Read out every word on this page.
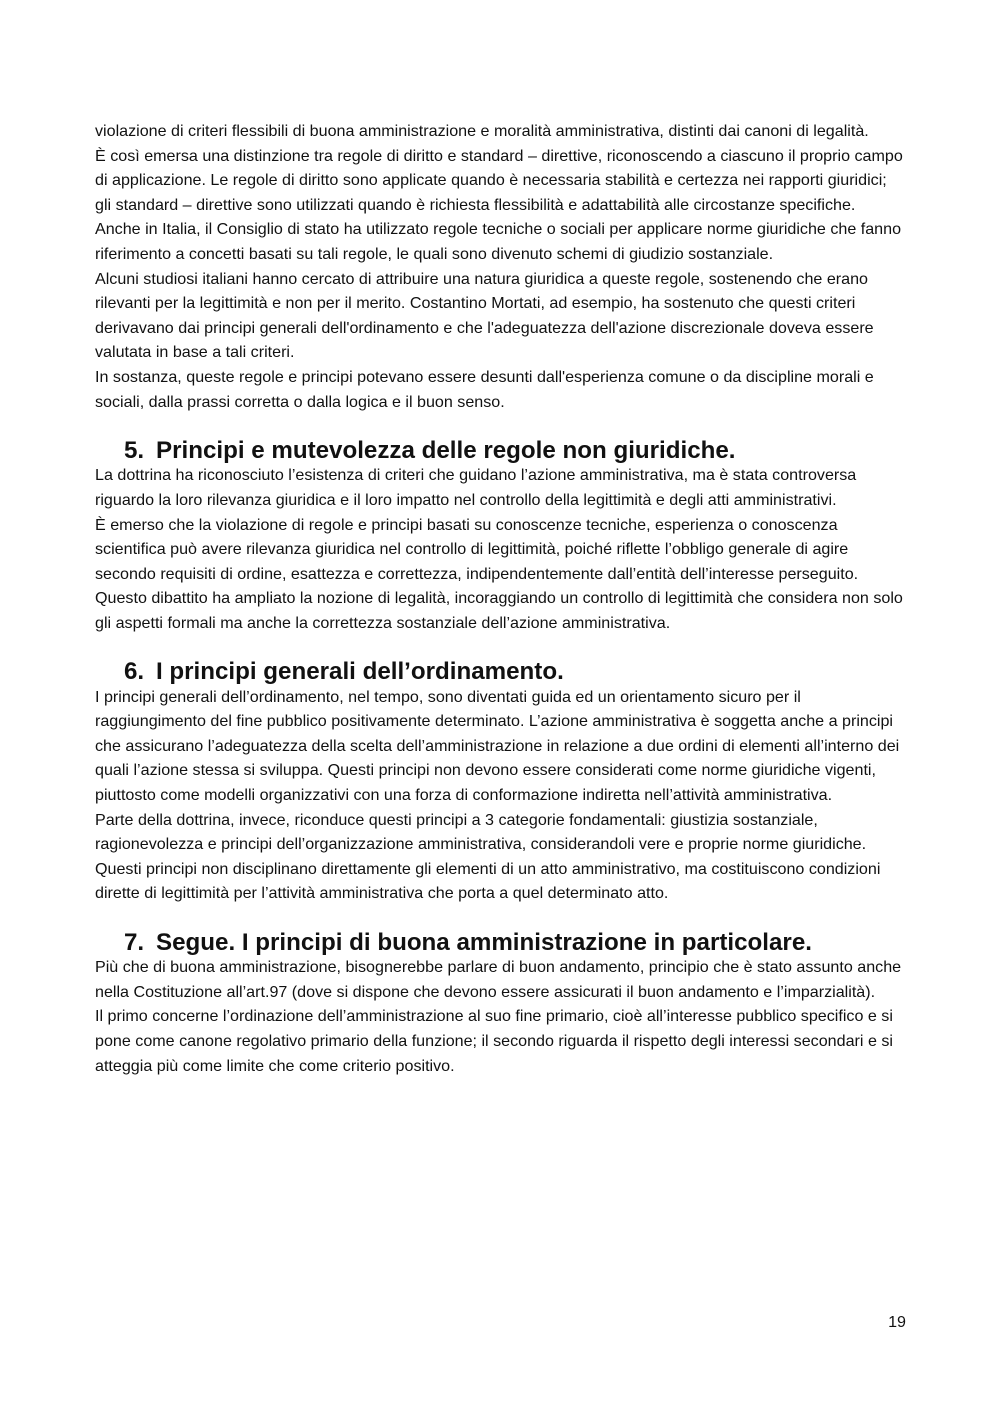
violazione di criteri flessibili di buona amministrazione e moralità amministrativa, distinti dai canoni di legalità.

È così emersa una distinzione tra regole di diritto e standard – direttive, riconoscendo a ciascuno il proprio campo di applicazione. Le regole di diritto sono applicate quando è necessaria stabilità e certezza nei rapporti giuridici; gli standard – direttive sono utilizzati quando è richiesta flessibilità e adattabilità alle circostanze specifiche.

Anche in Italia, il Consiglio di stato ha utilizzato regole tecniche o sociali per applicare norme giuridiche che fanno riferimento a concetti basati su tali regole, le quali sono divenuto schemi di giudizio sostanziale.

Alcuni studiosi italiani hanno cercato di attribuire una natura giuridica a queste regole, sostenendo che erano rilevanti per la legittimità e non per il merito. Costantino Mortati, ad esempio, ha sostenuto che questi criteri derivavano dai principi generali dell'ordinamento e che l'adeguatezza dell'azione discrezionale doveva essere valutata in base a tali criteri.

In sostanza, queste regole e principi potevano essere desunti dall'esperienza comune o da discipline morali e sociali, dalla prassi corretta o dalla logica e il buon senso.

5. Principi e mutevolezza delle regole non giuridiche.

La dottrina ha riconosciuto l’esistenza di criteri che guidano l’azione amministrativa, ma è stata controversa riguardo la loro rilevanza giuridica e il loro impatto nel controllo della legittimità e degli atti amministrativi.

È emerso che la violazione di regole e principi basati su conoscenze tecniche, esperienza o conoscenza scientifica può avere rilevanza giuridica nel controllo di legittimità, poiché riflette l’obbligo generale di agire secondo requisiti di ordine, esattezza e correttezza, indipendentemente dall’entità dell’interesse perseguito.

Questo dibattito ha ampliato la nozione di legalità, incoraggiando un controllo di legittimità che considera non solo gli aspetti formali ma anche la correttezza sostanziale dell’azione amministrativa.

6. I principi generali dell’ordinamento.

I principi generali dell’ordinamento, nel tempo, sono diventati guida ed un orientamento sicuro per il raggiungimento del fine pubblico positivamente determinato. L’azione amministrativa è soggetta anche a principi che assicurano l’adeguatezza della scelta dell’amministrazione in relazione a due ordini di elementi all’interno dei quali l’azione stessa si sviluppa. Questi principi non devono essere considerati come norme giuridiche vigenti, piuttosto come modelli organizzativi con una forza di conformazione indiretta nell’attività amministrativa.

Parte della dottrina, invece, riconduce questi principi a 3 categorie fondamentali: giustizia sostanziale, ragionevolezza e principi dell’organizzazione amministrativa, considerandoli vere e proprie norme giuridiche. Questi principi non disciplinano direttamente gli elementi di un atto amministrativo, ma costituiscono condizioni dirette di legittimità per l’attività amministrativa che porta a quel determinato atto.

7. Segue. I principi di buona amministrazione in particolare.

Più che di buona amministrazione, bisognerebbe parlare di buon andamento, principio che è stato assunto anche nella Costituzione all’art.97 (dove si dispone che devono essere assicurati il buon andamento e l’imparzialità).

Il primo concerne l’ordinazione dell’amministrazione al suo fine primario, cioè all’interesse pubblico specifico e si pone come canone regolativo primario della funzione; il secondo riguarda il rispetto degli interessi secondari e si atteggia più come limite che come criterio positivo.

19
